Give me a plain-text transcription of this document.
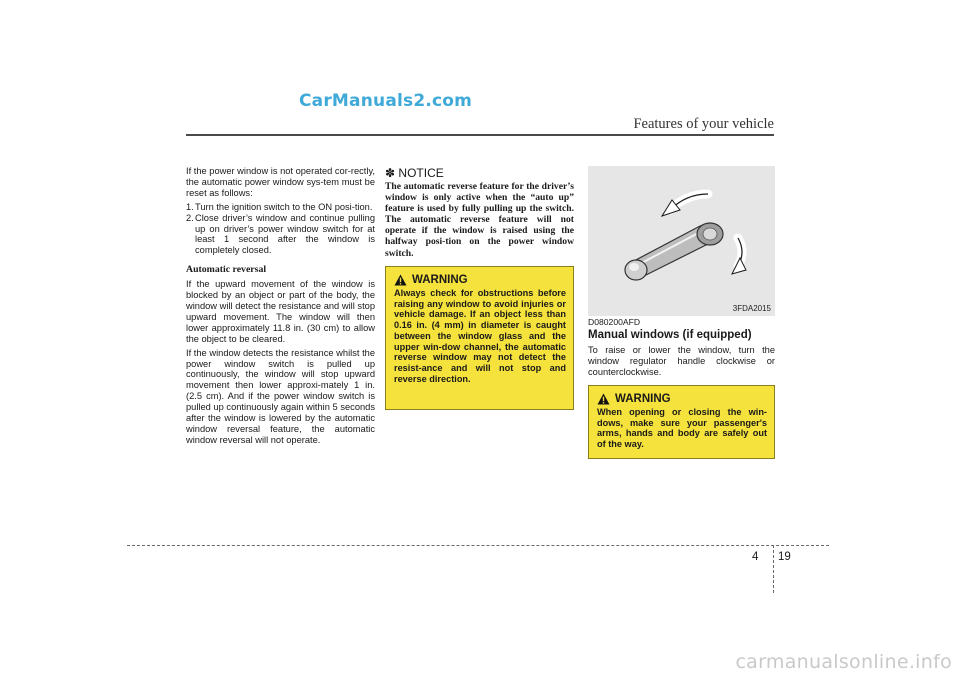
CarManuals2.com
Features of your vehicle
If the power window is not operated cor-rectly, the automatic power window sys-tem must be reset as follows:
1. Turn the ignition switch to the ON posi-tion.
2. Close driver’s window and continue pulling up on driver’s power window switch for at least 1 second after the window is completely closed.
Automatic reversal
If the upward movement of the window is blocked by an object or part of the body, the window will detect the resistance and will stop upward movement. The window will then lower approximately 11.8 in. (30 cm) to allow the object to be cleared.
If the window detects the resistance whilst the power window switch is pulled up continuously, the window will stop upward movement then lower approxi-mately 1 in. (2.5 cm). And if the power window switch is pulled up continuously again within 5 seconds after the window is lowered by the automatic window reversal feature, the automatic window reversal will not operate.
✽ NOTICE
The automatic reverse feature for the driver’s window is only active when the “auto up” feature is used by fully pulling up the switch. The automatic reverse feature will not operate if the window is raised using the halfway posi-tion on the power window switch.
WARNING
Always check for obstructions before raising any window to avoid injuries or vehicle damage. If an object less than 0.16 in. (4 mm) in diameter is caught between the window glass and the upper win-dow channel, the automatic reverse window may not detect the resist-ance and will not stop and reverse direction.
3FDA2015
D080200AFD
Manual windows (if equipped)
To raise or lower the window, turn the window regulator handle clockwise or counterclockwise.
WARNING
When opening or closing the win-dows, make sure your passenger's arms, hands and body are safely out of the way.
4 19
carmanualsonline.info
